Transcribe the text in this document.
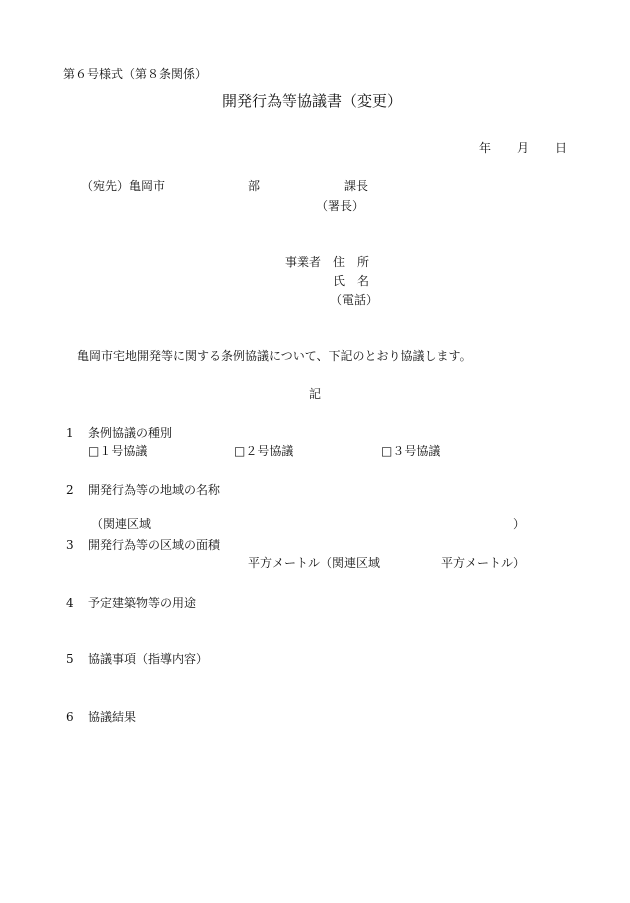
第６号様式（第８条関係）
開発行為等協議書（変更）
年 月 日
（宛先）亀岡市	部	課長
（署長）
事業者 住　所
氏　名
（電話）
亀岡市宅地開発等に関する条例協議について、下記のとおり協議します。
記
1 条例協議の種別
□１号協議	□２号協議	□３号協議
2 開発行為等の地域の名称
（関連区域	）
3 開発行為等の区域の面積
平方メートル（関連区域	平方メートル）
4 予定建築物等の用途
5 協議事項（指導内容）
6 協議結果
